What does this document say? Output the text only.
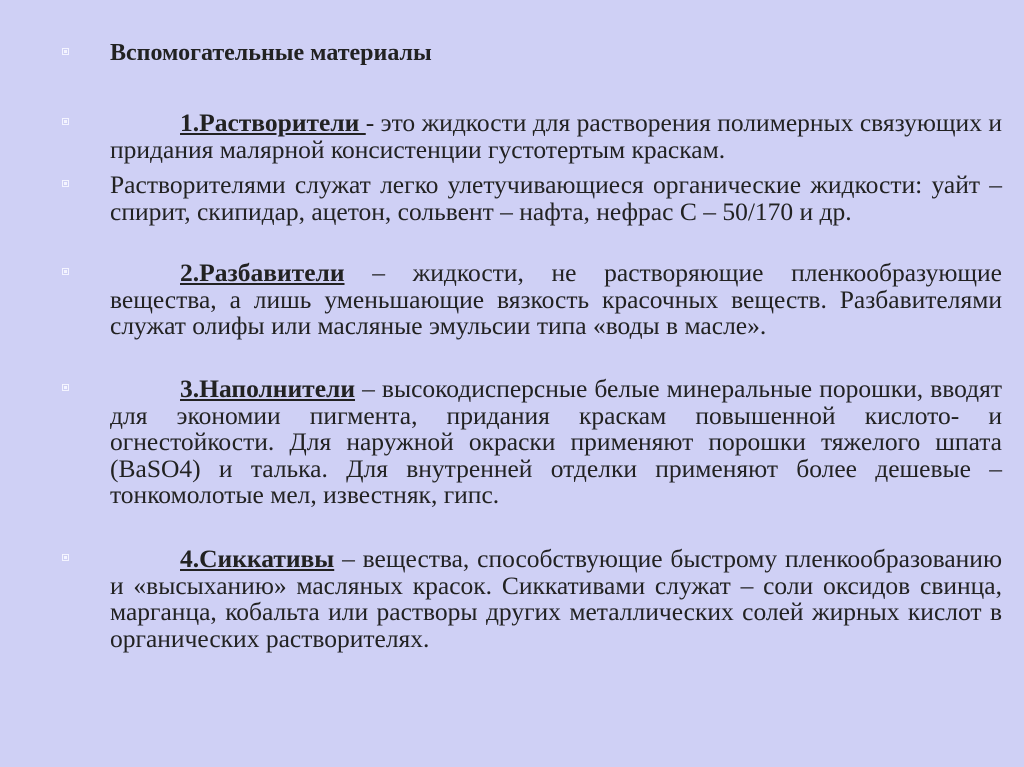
Вспомогательные материалы
1.Растворители - это жидкости для растворения полимерных связующих и придания малярной консистенции густотертым краскам.
Растворителями служат легко улетучивающиеся органические жидкости: уайт – спирит, скипидар, ацетон, сольвент – нафта, нефрас С – 50/170 и др.
2.Разбавители – жидкости, не растворяющие пленкообразующие вещества, а лишь уменьшающие вязкость красочных веществ. Разбавителями служат олифы или масляные эмульсии типа «воды в масле».
3.Наполнители – высокодисперсные белые минеральные порошки, вводят для экономии пигмента, придания краскам повышенной кислото- и огнестойкости. Для наружной окраски применяют порошки тяжелого шпата (BaSO4) и талька. Для внутренней отделки применяют более дешевые – тонкомолотые мел, известняк, гипс.
4.Сиккативы – вещества, способствующие быстрому пленкообразованию и «высыханию» масляных красок. Сиккативами служат – соли оксидов свинца, марганца, кобальта или растворы других металлических солей жирных кислот в органических растворителях.
